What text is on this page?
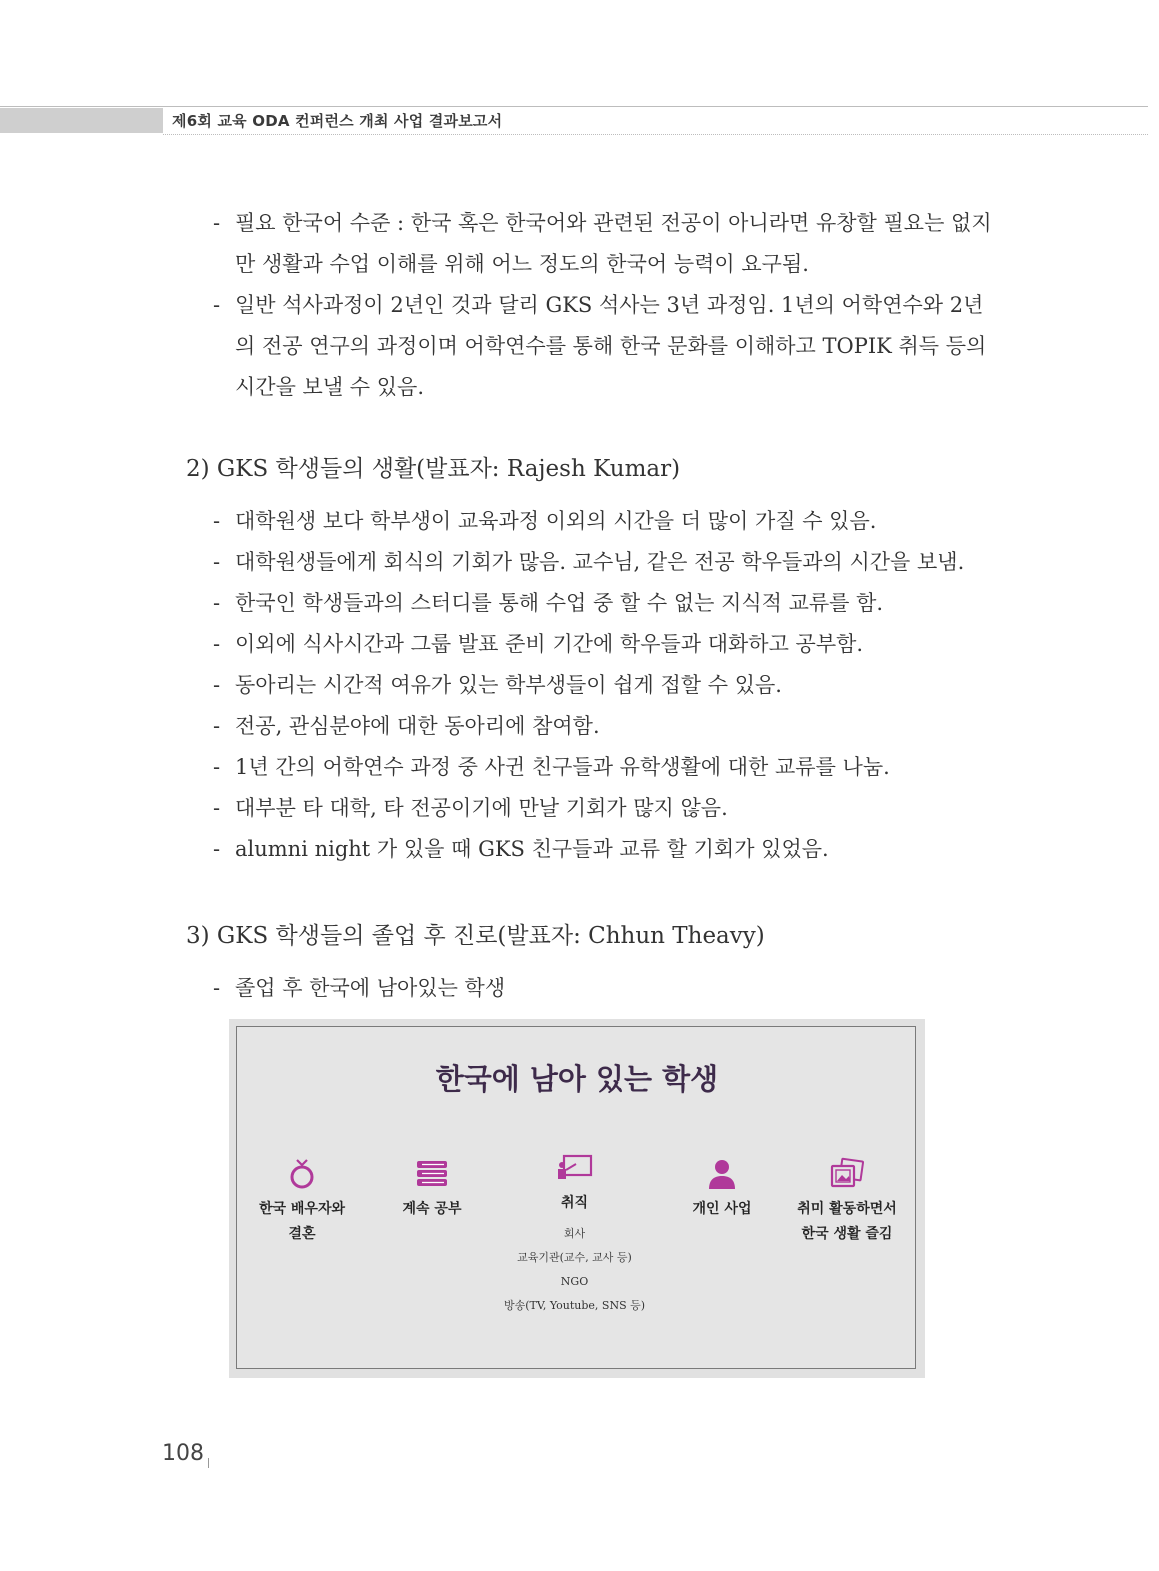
제6회 교육 ODA 컨퍼런스 개최 사업 결과보고서
- 필요 한국어 수준 : 한국 혹은 한국어와 관련된 전공이 아니라면 유창할 필요는 없지만 생활과 수업 이해를 위해 어느 정도의 한국어 능력이 요구됨.
- 일반 석사과정이 2년인 것과 달리 GKS 석사는 3년 과정임. 1년의 어학연수와 2년의 전공 연구의 과정이며 어학연수를 통해 한국 문화를 이해하고 TOPIK 취득 등의 시간을 보낼 수 있음.
2) GKS 학생들의 생활(발표자: Rajesh Kumar)
- 대학원생 보다 학부생이 교육과정 이외의 시간을 더 많이 가질 수 있음.
- 대학원생들에게 회식의 기회가 많음. 교수님, 같은 전공 학우들과의 시간을 보냄.
- 한국인 학생들과의 스터디를 통해 수업 중 할 수 없는 지식적 교류를 함.
- 이외에 식사시간과 그룹 발표 준비 기간에 학우들과 대화하고 공부함.
- 동아리는 시간적 여유가 있는 학부생들이 쉽게 접할 수 있음.
- 전공, 관심분야에 대한 동아리에 참여함.
- 1년 간의 어학연수 과정 중 사귄 친구들과 유학생활에 대한 교류를 나눔.
- 대부분 타 대학, 타 전공이기에 만날 기회가 많지 않음.
- alumni night 가 있을 때 GKS 친구들과 교류 할 기회가 있었음.
3) GKS 학생들의 졸업 후 진로(발표자: Chhun Theavy)
- 졸업 후 한국에 남아있는 학생
한국에 남아 있는 학생
한국 배우자와
결혼
계속 공부	취직
회사
교육기관(교수, 교사 등)
NGO
방송(TV, Youtube, SNS 등)
개인 사업	취미 활동하면서
한국 생활 즐김
108
